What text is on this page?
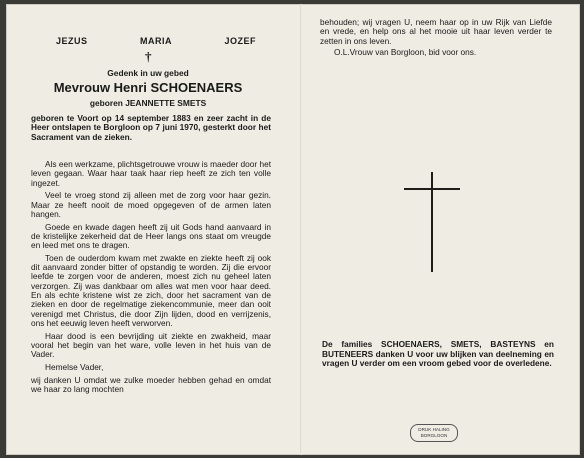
JEZUS	MARIA	JOZEF
†
Gedenk in uw gebed
Mevrouw Henri SCHOENAERS
geboren JEANNETTE SMETS
geboren te Voort op 14 september 1883 en zeer zacht in de Heer ontslapen te Borgloon op 7 juni 1970, gesterkt door het Sacrament van de zieken.

Als een werkzame, plichtsgetrouwe vrouw is maeder door het leven gegaan. Waar haar taak haar riep heeft ze zich ten volle ingezet.

Veel te vroeg stond zij alleen met de zorg voor haar gezin. Maar ze heeft nooit de moed opgegeven of de armen laten hangen.

Goede en kwade dagen heeft zij uit Gods hand aanvaard in de kristelijke zekerheid dat de Heer langs ons staat om vreugde en leed met ons te dragen.

Toen de ouderdom kwam met zwakte en ziekte heeft zij ook dit aanvaard zonder bitter of opstandig te worden. Zij die ervoor leefde te zorgen voor de anderen, moest zich nu geheel laten verzorgen. Zij was dankbaar om alles wat men voor haar deed. En als echte kristene wist ze zich, door het sacrament van de zieken en door de regelmatige ziekencommunie, meer dan ooit verenigd met Christus, die door Zijn lijden, dood en verrijzenis, ons het eeuwig leven heeft verworven.

Haar dood is een bevrijding uit ziekte en zwakheid, maar vooral het begin van het ware, volle leven in het huis van de Vader.

Hemelse Vader,

wij danken U omdat we zulke moeder hebben gehad en omdat we haar zo lang mochten

behouden; wij vragen U, neem haar op in uw Rijk van Liefde en vrede, en help ons al het mooie uit haar leven verder te zetten in ons leven.

O.L.Vrouw van Borgloon, bid voor ons.

De families SCHOENAERS, SMETS, BASTEYNS en BUTENEERS danken U voor uw blijken van deelneming en vragen U verder om een vroom gebed voor de overledene.
DRUK HALING
BORGLOON
